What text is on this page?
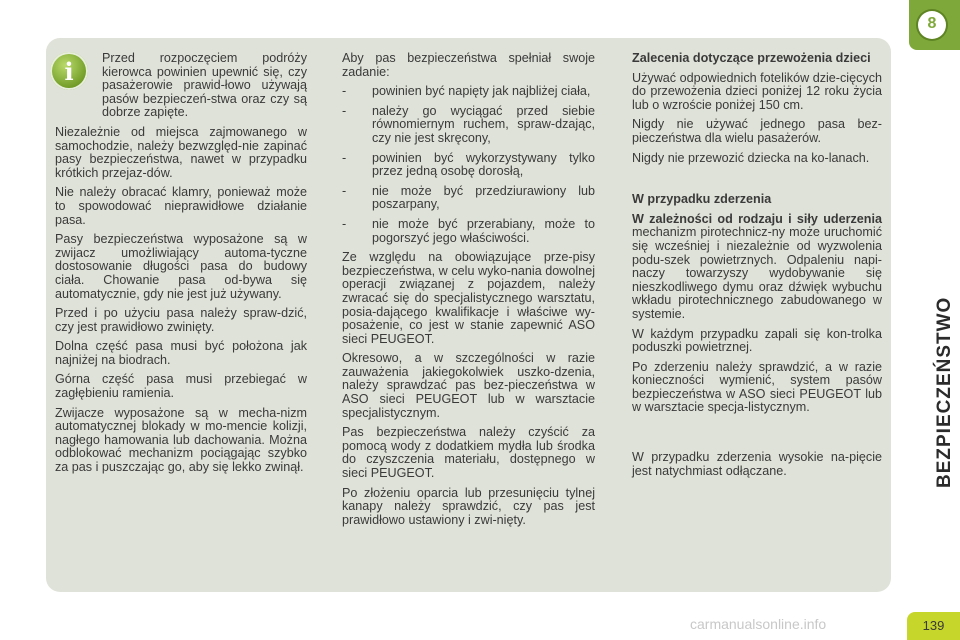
i	Przed rozpoczęciem podróży kierowca powinien upewnić się, czy pasażerowie prawid-łowo używają pasów bezpieczeń-stwa oraz czy są dobrze zapięte.

Niezależnie od miejsca zajmowanego w samochodzie, należy bezwzględ-nie zapinać pasy bezpieczeństwa, nawet w przypadku krótkich przejaz-dów.

Nie należy obracać klamry, ponieważ może to spowodować nieprawidłowe działanie pasa.

Pasy bezpieczeństwa wyposażone są w zwijacz umożliwiający automa-tyczne dostosowanie długości pasa do budowy ciała. Chowanie pasa od-bywa się automatycznie, gdy nie jest już używany.

Przed i po użyciu pasa należy spraw-dzić, czy jest prawidłowo zwinięty.

Dolna część pasa musi być położona jak najniżej na biodrach.

Górna część pasa musi przebiegać w zagłębieniu ramienia.

Zwijacze wyposażone są w mecha-nizm automatycznej blokady w mo-mencie kolizji, nagłego hamowania lub dachowania. Można odblokować mechanizm pociągając szybko za pas i puszczając go, aby się lekko zwinął.

Aby pas bezpieczeństwa spełniał swoje zadanie:

- powinien być napięty jak najbliżej ciała,
- należy go wyciągać przed siebie równomiernym ruchem, spraw-dzając, czy nie jest skręcony,
- powinien być wykorzystywany tylko przez jedną osobę dorosłą,
- nie może być przedziurawiony lub poszarpany,
- nie może być przerabiany, może to pogorszyć jego właściwości.

Ze względu na obowiązujące prze-pisy bezpieczeństwa, w celu wyko-nania dowolnej operacji związanej z pojazdem, należy zwracać się do specjalistycznego warsztatu, posia-dającego kwalifikacje i właściwe wy-posażenie, co jest w stanie zapewnić ASO sieci PEUGEOT.

Okresowo, a w szczególności w razie zauważenia jakiegokolwiek uszko-dzenia, należy sprawdzać pas bez-pieczeństwa w ASO sieci PEUGEOT lub w warsztacie specjalistycznym.

Pas bezpieczeństwa należy czyścić za pomocą wody z dodatkiem mydła lub środka do czyszczenia materiału, dostępnego w sieci PEUGEOT.

Po złożeniu oparcia lub przesunięciu tylnej kanapy należy sprawdzić, czy pas jest prawidłowo ustawiony i zwi-nięty.

Zalecenia dotyczące przewożenia dzieci

Używać odpowiednich fotelików dzie-cięcych do przewożenia dzieci poniżej 12 roku życia lub o wzroście poniżej 150 cm.

Nigdy nie używać jednego pasa bez-pieczeństwa dla wielu pasażerów.

Nigdy nie przewozić dziecka na ko-lanach.

W przypadku zderzenia

W zależności od rodzaju i siły uderzenia mechanizm pirotechnicz-ny może uruchomić się wcześniej i niezależnie od wyzwolenia podu-szek powietrznych. Odpaleniu napi-naczy towarzyszy wydobywanie się nieszkodliwego dymu oraz dźwięk wybuchu wkładu pirotechnicznego zabudowanego w systemie.

W każdym przypadku zapali się kon-trolka poduszki powietrznej.

Po zderzeniu należy sprawdzić, a w razie konieczności wymienić, system pasów bezpieczeństwa w ASO sieci PEUGEOT lub w warsztacie specja-listycznym.

W przypadku zderzenia wysokie na-pięcie jest natychmiast odłączane.

8
BEZPIECZEŃSTWO
139
carmanualsonline.info
